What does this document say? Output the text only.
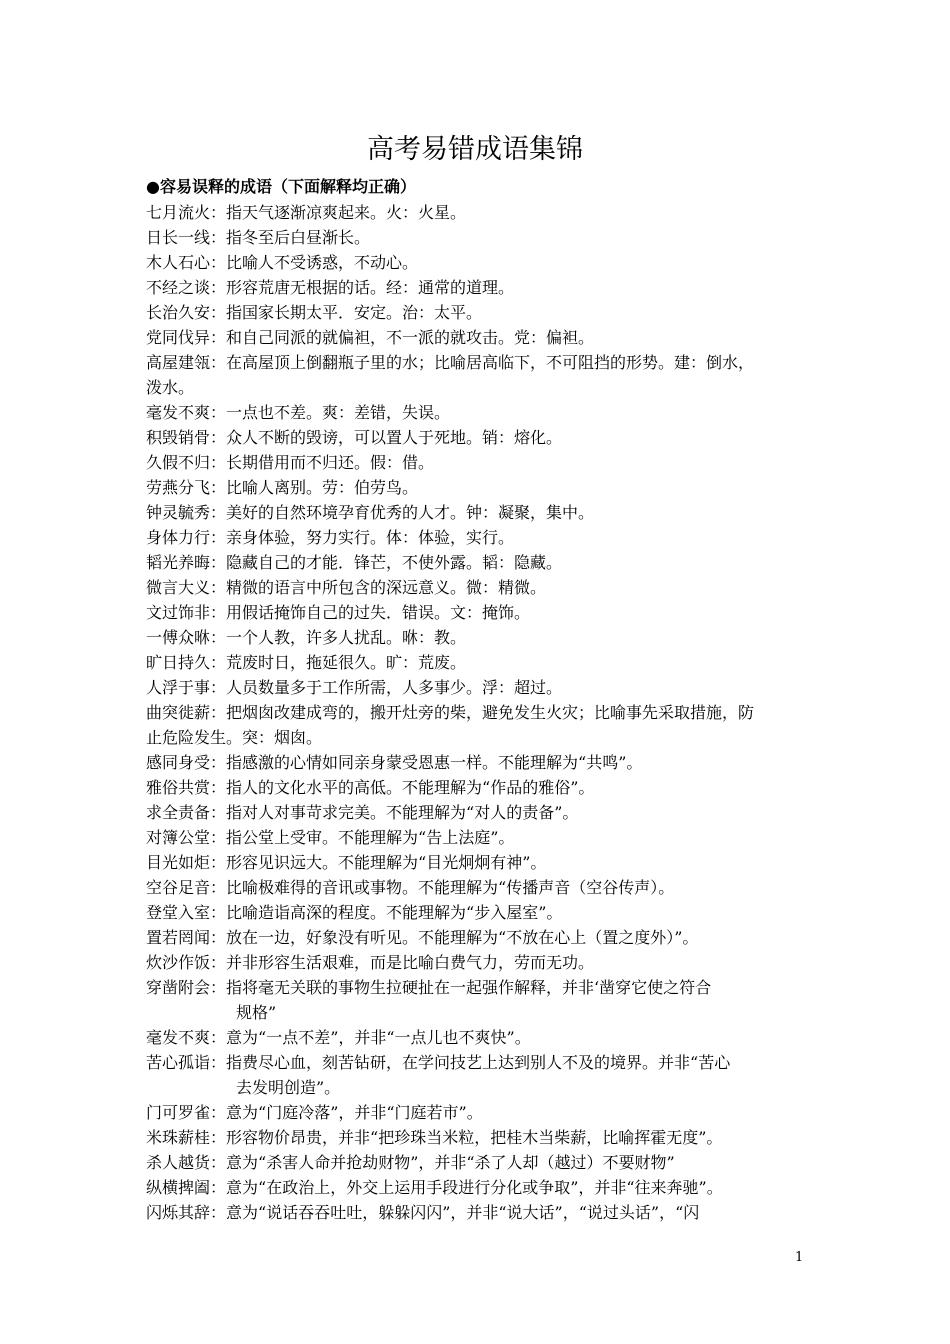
高考易错成语集锦
●容易误释的成语（下面解释均正确）
七月流火：指天气逐渐凉爽起来。火：火星。
日长一线：指冬至后白昼渐长。
木人石心：比喻人不受诱惑，不动心。
不经之谈：形容荒唐无根据的话。经：通常的道理。
长治久安：指国家长期太平．安定。治：太平。
党同伐异：和自己同派的就偏袒，不一派的就攻击。党：偏袒。
高屋建瓴：在高屋顶上倒翻瓶子里的水；比喻居高临下，不可阻挡的形势。建：倒水，
泼水。
毫发不爽：一点也不差。爽：差错，失误。
积毁销骨：众人不断的毁谤，可以置人于死地。销：熔化。
久假不归：长期借用而不归还。假：借。
劳燕分飞：比喻人离别。劳：伯劳鸟。
钟灵毓秀：美好的自然环境孕育优秀的人才。钟：凝聚，集中。
身体力行：亲身体验，努力实行。体：体验，实行。
韬光养晦：隐藏自己的才能．锋芒，不使外露。韬：隐藏。
微言大义：精微的语言中所包含的深远意义。微：精微。
文过饰非：用假话掩饰自己的过失．错误。文：掩饰。
一傅众咻：一个人教，许多人扰乱。咻：教。
旷日持久：荒废时日，拖延很久。旷：荒废。
人浮于事：人员数量多于工作所需，人多事少。浮：超过。
曲突徙薪：把烟囱改建成弯的，搬开灶旁的柴，避免发生火灾；比喻事先采取措施，防
止危险发生。突：烟囱。
感同身受：指感激的心情如同亲身蒙受恩惠一样。不能理解为“共鸣”。
雅俗共赏：指人的文化水平的高低。不能理解为“作品的雅俗”。
求全责备：指对人对事苛求完美。不能理解为“对人的责备”。
对簿公堂：指公堂上受审。不能理解为“告上法庭”。
目光如炬：形容见识远大。不能理解为“目光炯炯有神”。
空谷足音：比喻极难得的音讯或事物。不能理解为“传播声音（空谷传声）。
登堂入室：比喻造诣高深的程度。不能理解为“步入屋室”。
置若罔闻：放在一边，好象没有听见。不能理解为“不放在心上（置之度外）”。
炊沙作饭：并非形容生活艰难，而是比喻白费气力，劳而无功。
穿凿附会：指将毫无关联的事物生拉硬扯在一起强作解释，并非‘凿穿它使之符合
规格”
毫发不爽：意为“一点不差”，并非“一点儿也不爽快”。
苦心孤诣：指费尽心血，刻苦钻研，在学问技艺上达到别人不及的境界。并非“苦心
去发明创造”。
门可罗雀：意为“门庭冷落”，并非“门庭若市”。
米珠薪桂：形容物价昂贵，并非“把珍珠当米粒，把桂木当柴薪，比喻挥霍无度”。
杀人越货：意为“杀害人命并抢劫财物”，并非“杀了人却（越过）不要财物”
纵横捭阖：意为“在政治上，外交上运用手段进行分化或争取”，并非“往来奔驰”。
闪烁其辞：意为“说话吞吞吐吐，躲躲闪闪”，并非“说大话”，“说过头话”，“闪
1
